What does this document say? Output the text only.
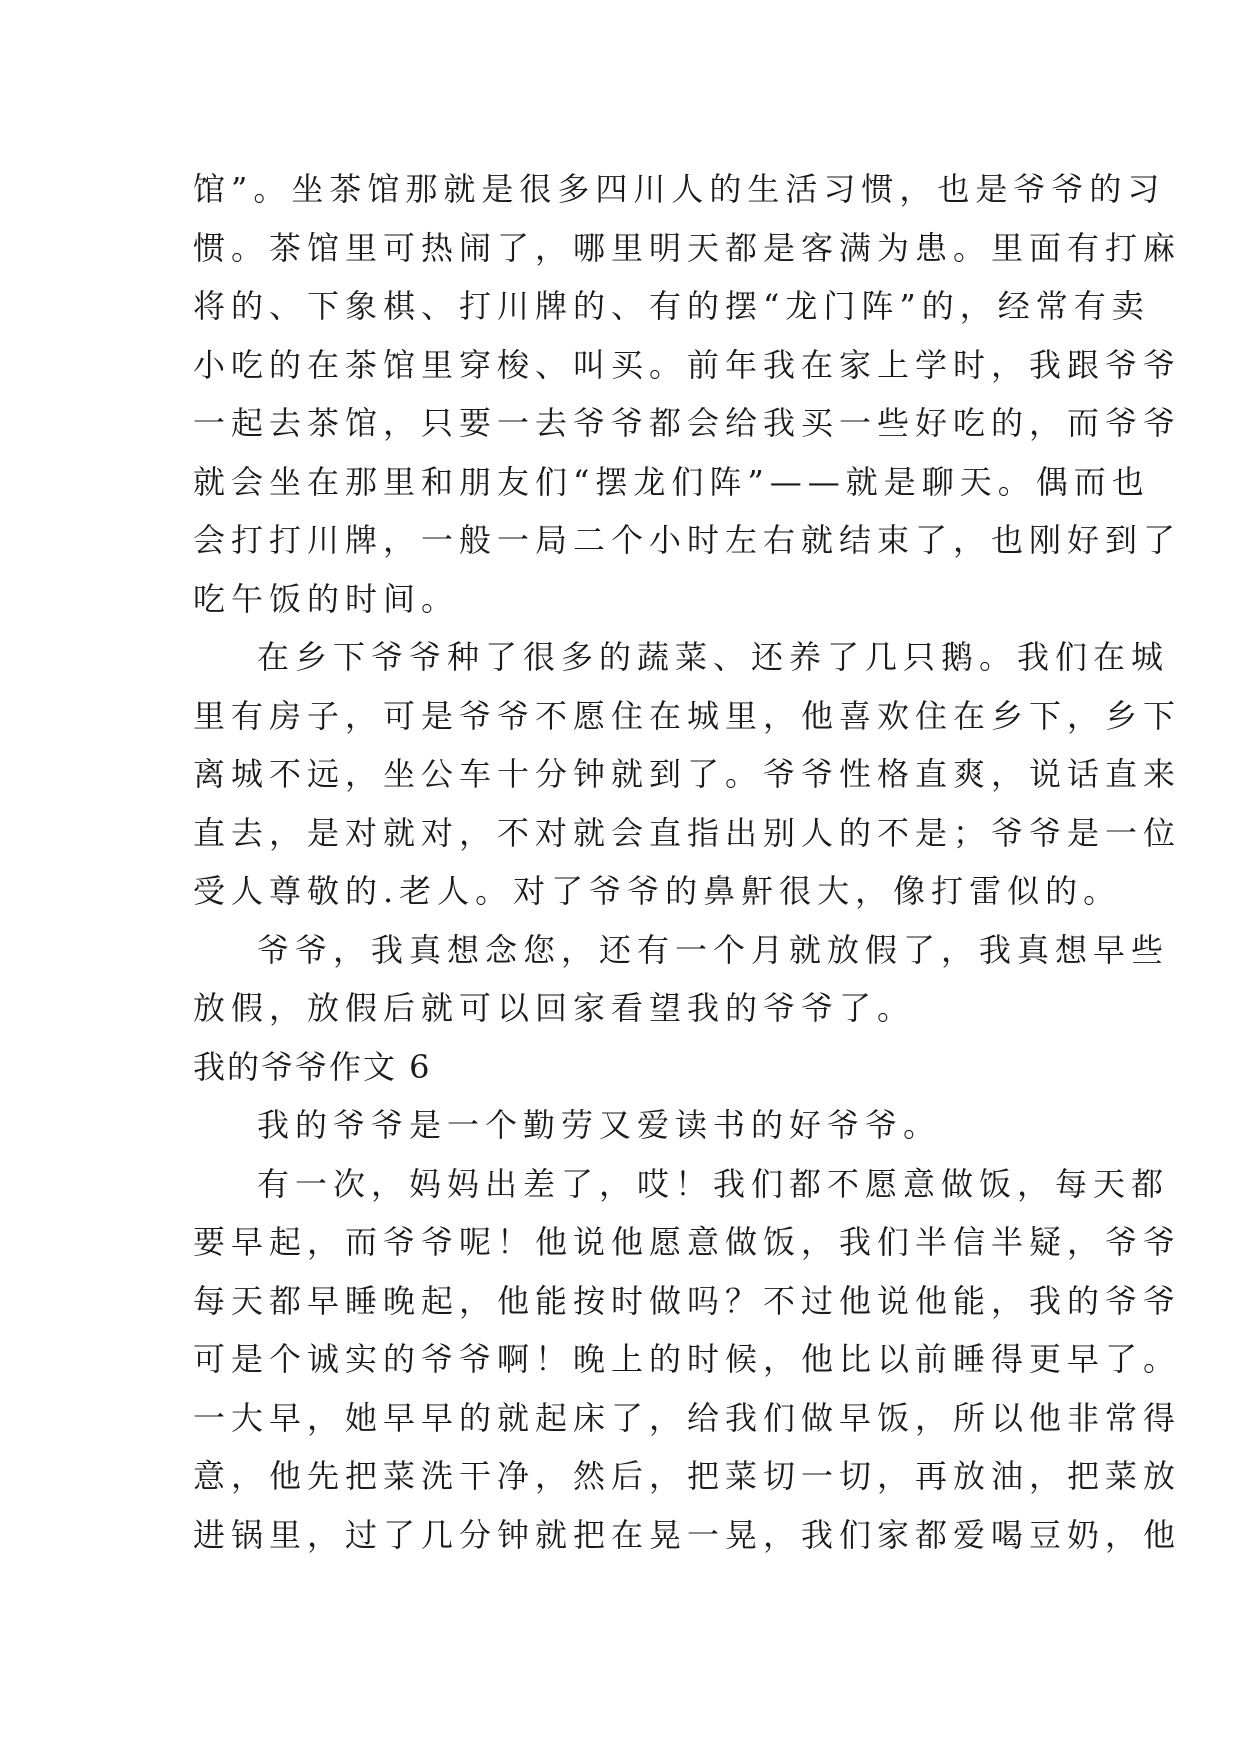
馆”。坐茶馆那就是很多四川人的生活习惯，也是爷爷的习
惯。茶馆里可热闹了，哪里明天都是客满为患。里面有打麻
将的、下象棋、打川牌的、有的摆“龙门阵”的，经常有卖
小吃的在茶馆里穿梭、叫买。前年我在家上学时，我跟爷爷
一起去茶馆，只要一去爷爷都会给我买一些好吃的，而爷爷
就会坐在那里和朋友们“摆龙们阵”——就是聊天。偶而也
会打打川牌，一般一局二个小时左右就结束了，也刚好到了
吃午饭的时间。
在乡下爷爷种了很多的蔬菜、还养了几只鹅。我们在城
里有房子，可是爷爷不愿住在城里，他喜欢住在乡下，乡下
离城不远，坐公车十分钟就到了。爷爷性格直爽，说话直来
直去，是对就对，不对就会直指出别人的不是；爷爷是一位
受人尊敬的.老人。对了爷爷的鼻鼾很大，像打雷似的。
爷爷，我真想念您，还有一个月就放假了，我真想早些
放假，放假后就可以回家看望我的爷爷了。
我的爷爷作文 6
我的爷爷是一个勤劳又爱读书的好爷爷。
有一次，妈妈出差了，哎！我们都不愿意做饭，每天都
要早起，而爷爷呢！他说他愿意做饭，我们半信半疑，爷爷
每天都早睡晚起，他能按时做吗？不过他说他能，我的爷爷
可是个诚实的爷爷啊！晚上的时候，他比以前睡得更早了。
一大早，她早早的就起床了，给我们做早饭，所以他非常得
意，他先把菜洗干净，然后，把菜切一切，再放油，把菜放
进锅里，过了几分钟就把在晃一晃，我们家都爱喝豆奶，他
